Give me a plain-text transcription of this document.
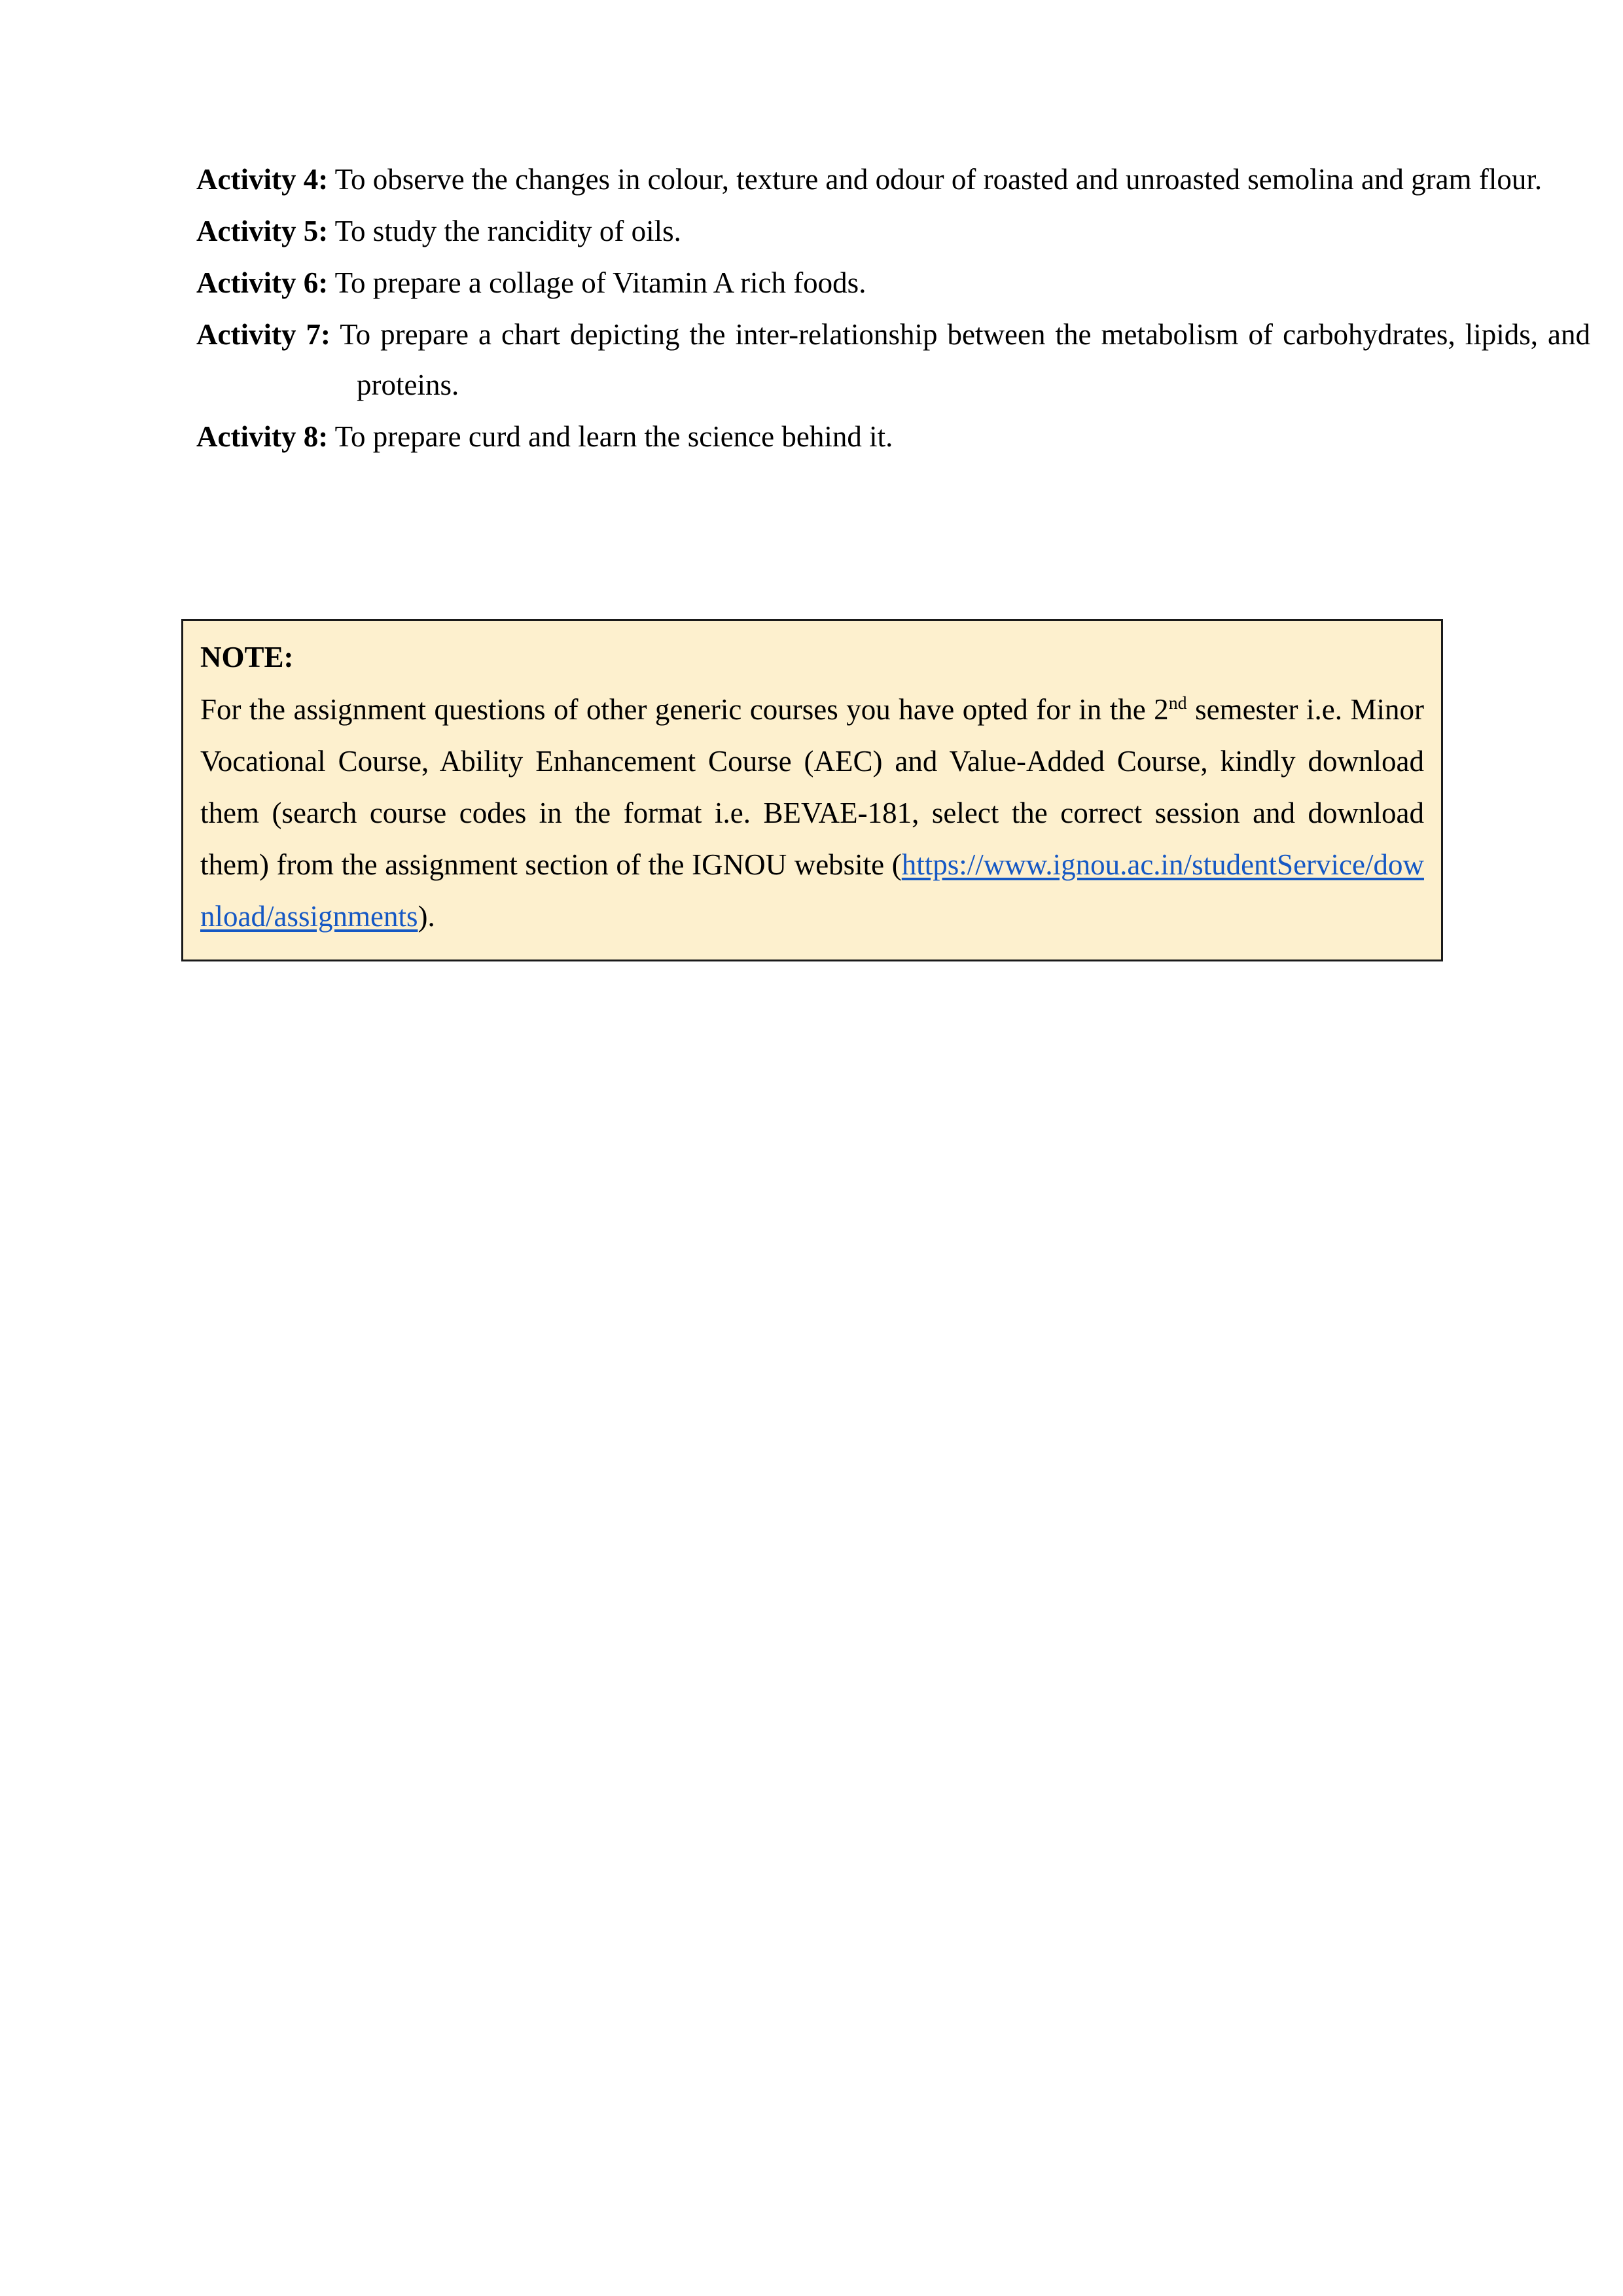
Activity 4: To observe the changes in colour, texture and odour of roasted and unroasted semolina and gram flour.

Activity 5: To study the rancidity of oils.

Activity 6: To prepare a collage of Vitamin A rich foods.

Activity 7: To prepare a chart depicting the inter-relationship between the metabolism of carbohydrates, lipids, and proteins.

Activity 8: To prepare curd and learn the science behind it.

NOTE:

For the assignment questions of other generic courses you have opted for in the 2nd semester i.e. Minor Vocational Course, Ability Enhancement Course (AEC) and Value-Added Course, kindly download them (search course codes in the format i.e. BEVAE-181, select the correct session and download them) from the assignment section of the IGNOU website (https://www.ignou.ac.in/studentService/download/assignments).
